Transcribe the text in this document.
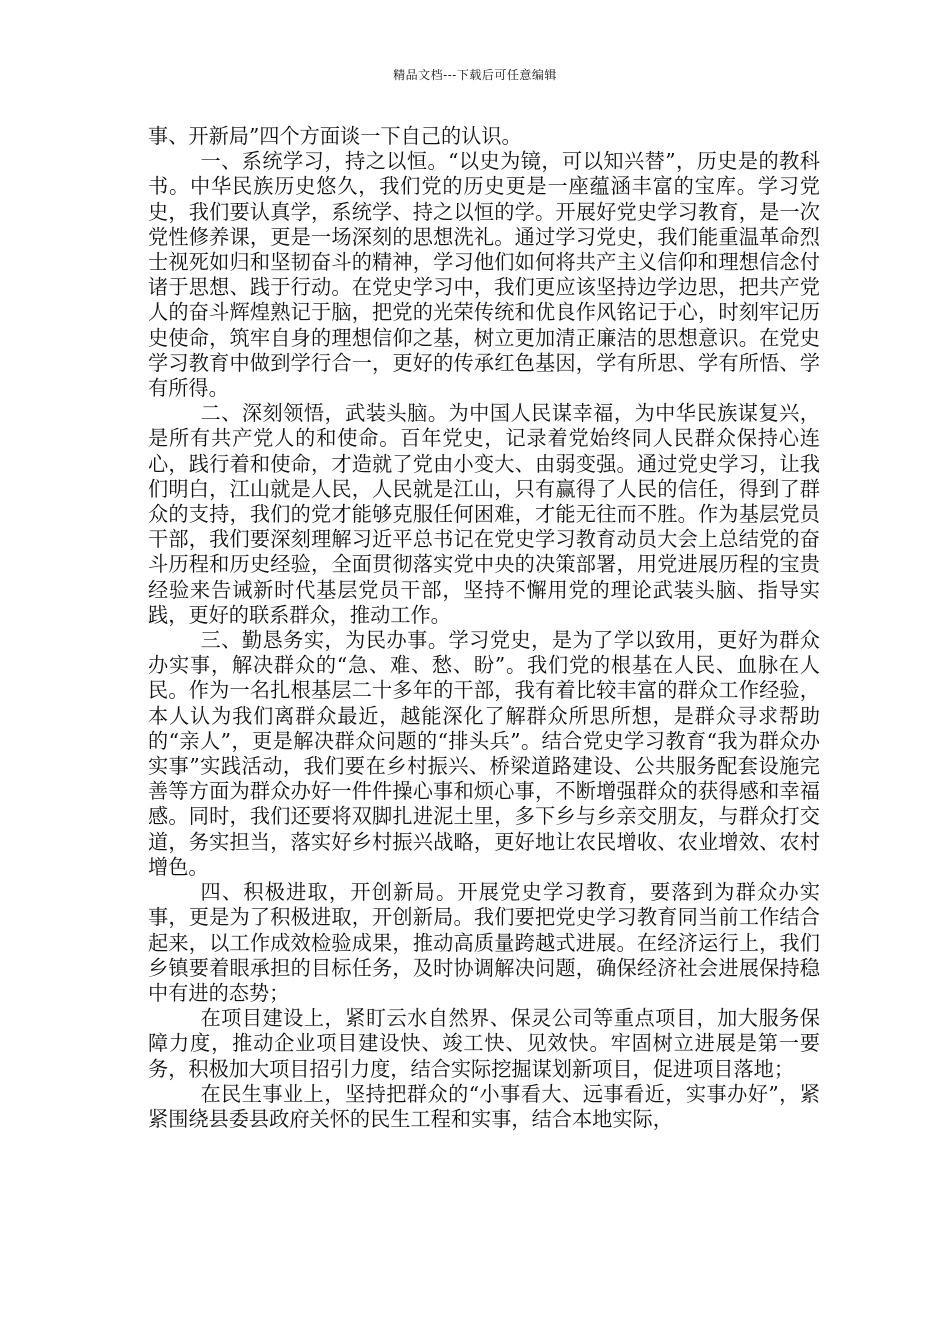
精品文档---下载后可任意编辑

事、开新局”四个方面谈一下自己的认识。

一、系统学习，持之以恒。“以史为镜，可以知兴替”，历史是的教科书。中华民族历史悠久，我们党的历史更是一座蕴涵丰富的宝库。学习党史，我们要认真学，系统学、持之以恒的学。开展好党史学习教育，是一次党性修养课，更是一场深刻的思想洗礼。通过学习党史，我们能重温革命烈士视死如归和坚韧奋斗的精神，学习他们如何将共产主义信仰和理想信念付诸于思想、践于行动。在党史学习中，我们更应该坚持边学边思，把共产党人的奋斗辉煌熟记于脑，把党的光荣传统和优良作风铭记于心，时刻牢记历史使命，筑牢自身的理想信仰之基，树立更加清正廉洁的思想意识。在党史学习教育中做到学行合一，更好的传承红色基因，学有所思、学有所悟、学有所得。

二、深刻领悟，武装头脑。为中国人民谋幸福，为中华民族谋复兴，是所有共产党人的和使命。百年党史，记录着党始终同人民群众保持心连心，践行着和使命，才造就了党由小变大、由弱变强。通过党史学习，让我们明白，江山就是人民，人民就是江山，只有赢得了人民的信任，得到了群众的支持，我们的党才能够克服任何困难，才能无往而不胜。作为基层党员干部，我们要深刻理解习近平总书记在党史学习教育动员大会上总结党的奋斗历程和历史经验，全面贯彻落实党中央的决策部署，用党进展历程的宝贵经验来告诫新时代基层党员干部，坚持不懈用党的理论武装头脑、指导实践，更好的联系群众，推动工作。

三、勤恳务实，为民办事。学习党史，是为了学以致用，更好为群众办实事，解决群众的“急、难、愁、盼”。我们党的根基在人民、血脉在人民。作为一名扎根基层二十多年的干部，我有着比较丰富的群众工作经验，本人认为我们离群众最近，越能深化了解群众所思所想，是群众寻求帮助的“亲人”，更是解决群众问题的“排头兵”。结合党史学习教育“我为群众办实事”实践活动，我们要在乡村振兴、桥梁道路建设、公共服务配套设施完善等方面为群众办好一件件操心事和烦心事，不断增强群众的获得感和幸福感。同时，我们还要将双脚扎进泥土里，多下乡与乡亲交朋友，与群众打交道，务实担当，落实好乡村振兴战略，更好地让农民增收、农业增效、农村增色。

四、积极进取，开创新局。开展党史学习教育，要落到为群众办实事，更是为了积极进取，开创新局。我们要把党史学习教育同当前工作结合起来，以工作成效检验成果，推动高质量跨越式进展。在经济运行上，我们乡镇要着眼承担的目标任务，及时协调解决问题，确保经济社会进展保持稳中有进的态势；

在项目建设上，紧盯云水自然界、保灵公司等重点项目，加大服务保障力度，推动企业项目建设快、竣工快、见效快。牢固树立进展是第一要务，积极加大项目招引力度，结合实际挖掘谋划新项目，促进项目落地；

在民生事业上，坚持把群众的“小事看大、远事看近，实事办好”，紧紧围绕县委县政府关怀的民生工程和实事，结合本地实际，
